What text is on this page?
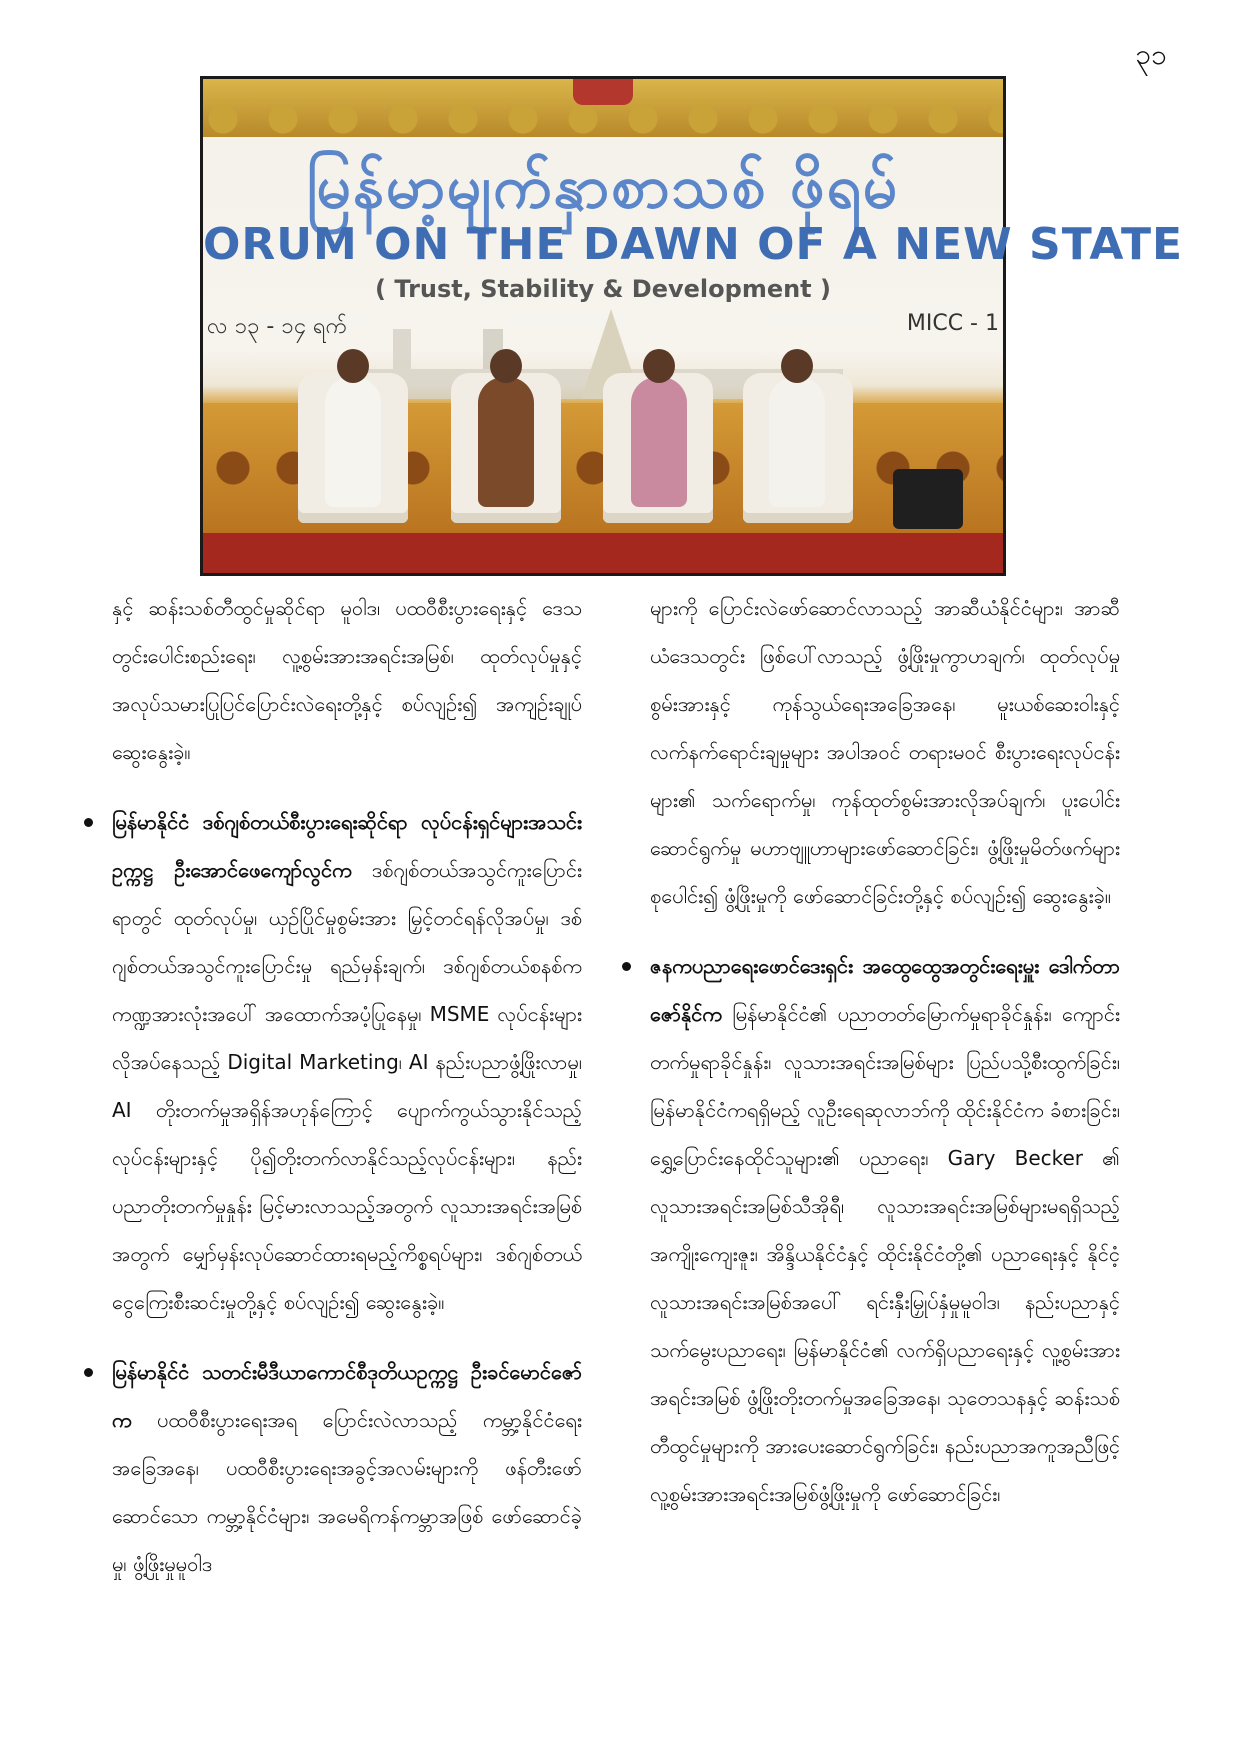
၃၁
မြန်မာ့မျက်နှာစာသစ် ဖိုရမ်
ORUM ON THE DAWN OF A NEW STATE
( Trust, Stability & Development )
လ ၁၃ - ၁၄ ရက်	MICC - 1

နှင့် ဆန်းသစ်တီထွင်မှုဆိုင်ရာ မူဝါဒ၊ ပထဝီစီးပွားရေးနှင့် ဒေသတွင်းပေါင်းစည်းရေး၊ လူ့စွမ်းအားအရင်းအမြစ်၊ ထုတ်လုပ်မှုနှင့် အလုပ်သမားပြုပြင်ပြောင်းလဲရေးတို့နှင့် စပ်လျဉ်း၍ အကျဉ်းချုပ်ဆွေးနွေးခဲ့။

မြန်မာနိုင်ငံ ဒစ်ဂျစ်တယ်စီးပွားရေးဆိုင်ရာ လုပ်ငန်းရှင်များအသင်းဥက္ကဋ္ဌ ဦးအောင်ဖေကျော်လွင်က ဒစ်ဂျစ်တယ်အသွင်ကူးပြောင်းရာတွင် ထုတ်လုပ်မှု၊ ယှဉ်ပြိုင်မှုစွမ်းအား မြှင့်တင်ရန်လိုအပ်မှု၊ ဒစ်ဂျစ်တယ်အသွင်ကူးပြောင်းမှု ရည်မှန်းချက်၊ ဒစ်ဂျစ်တယ်စနစ်က ကဏ္ဍအားလုံးအပေါ် အထောက်အပံ့ပြုနေမှု၊ MSME လုပ်ငန်းများ လိုအပ်နေသည့် Digital Marketing၊ AI နည်းပညာဖွံ့ဖြိုးလာမှု၊ AI တိုးတက်မှုအရှိန်အဟုန်ကြောင့် ပျောက်ကွယ်သွားနိုင်သည့်လုပ်ငန်းများနှင့် ပို၍တိုးတက်လာနိုင်သည့်လုပ်ငန်းများ၊ နည်းပညာတိုးတက်မှုနှုန်း မြင့်မားလာသည့်အတွက် လူသားအရင်းအမြစ်အတွက် မျှော်မှန်းလုပ်ဆောင်ထားရမည့်ကိစ္စရပ်များ၊ ဒစ်ဂျစ်တယ်ငွေကြေးစီးဆင်းမှုတို့နှင့် စပ်လျဉ်း၍ ဆွေးနွေးခဲ့။
မြန်မာနိုင်ငံ သတင်းမီဒီယာကောင်စီဒုတိယဥက္ကဋ္ဌ ဦးခင်မောင်ဇော်က ပထဝီစီးပွားရေးအရ ပြောင်းလဲလာသည့် ကမ္ဘာ့နိုင်ငံရေးအခြေအနေ၊ ပထဝီစီးပွားရေးအခွင့်အလမ်းများကို ဖန်တီးဖော်ဆောင်သော ကမ္ဘာ့နိုင်ငံများ၊ အမေရိကန်ကမ္ဘာအဖြစ် ဖော်ဆောင်ခဲ့မှု၊ ဖွံ့ဖြိုးမှုမူဝါဒ

များကို ပြောင်းလဲဖော်ဆောင်လာသည့် အာဆီယံနိုင်ငံများ၊ အာဆီယံဒေသတွင်း ဖြစ်ပေါ်လာသည့် ဖွံ့ဖြိုးမှုကွာဟချက်၊ ထုတ်လုပ်မှုစွမ်းအားနှင့် ကုန်သွယ်ရေးအခြေအနေ၊ မူးယစ်ဆေးဝါးနှင့် လက်နက်ရောင်းချမှုများ အပါအဝင် တရားမဝင် စီးပွားရေးလုပ်ငန်းများ၏ သက်ရောက်မှု၊ ကုန်ထုတ်စွမ်းအားလိုအပ်ချက်၊ ပူးပေါင်းဆောင်ရွက်မှု မဟာဗျူဟာများဖော်ဆောင်ခြင်း၊ ဖွံ့ဖြိုးမှုမိတ်ဖက်များစုပေါင်း၍ ဖွံ့ဖြိုးမှုကို ဖော်ဆောင်ခြင်းတို့နှင့် စပ်လျဉ်း၍ ဆွေးနွေးခဲ့။

ဇနကပညာရေးဖောင်ဒေးရှင်း အထွေထွေအတွင်းရေးမှူး ဒေါက်တာဇော်နိုင်က မြန်မာနိုင်ငံ၏ ပညာတတ်မြောက်မှုရာခိုင်နှုန်း၊ ကျောင်းတက်မှုရာခိုင်နှုန်း၊ လူသားအရင်းအမြစ်များ ပြည်ပသို့စီးထွက်ခြင်း၊ မြန်မာနိုင်ငံကရရှိမည့် လူဦးရေဆုလာဘ်ကို ထိုင်းနိုင်ငံက ခံစားခြင်း၊ ရွှေ့ပြောင်းနေထိုင်သူများ၏ ပညာရေး၊ Gary Becker ၏ လူသားအရင်းအမြစ်သီအိုရီ၊ လူသားအရင်းအမြစ်များမရရှိသည့် အကျိုးကျေးဇူး၊ အိန္ဒိယနိုင်ငံနှင့် ထိုင်းနိုင်ငံတို့၏ ပညာရေးနှင့် နိုင်ငံ့လူသားအရင်းအမြစ်အပေါ် ရင်းနှီးမြှုပ်နှံမှုမူဝါဒ၊ နည်းပညာနှင့်သက်မွေးပညာရေး၊ မြန်မာနိုင်ငံ၏ လက်ရှိပညာရေးနှင့် လူ့စွမ်းအားအရင်းအမြစ် ဖွံ့ဖြိုးတိုးတက်မှုအခြေအနေ၊ သုတေသနနှင့် ဆန်းသစ်တီထွင်မှုများကို အားပေးဆောင်ရွက်ခြင်း၊ နည်းပညာအကူအညီဖြင့် လူ့စွမ်းအားအရင်းအမြစ်ဖွံ့ဖြိုးမှုကို ဖော်ဆောင်ခြင်း၊
